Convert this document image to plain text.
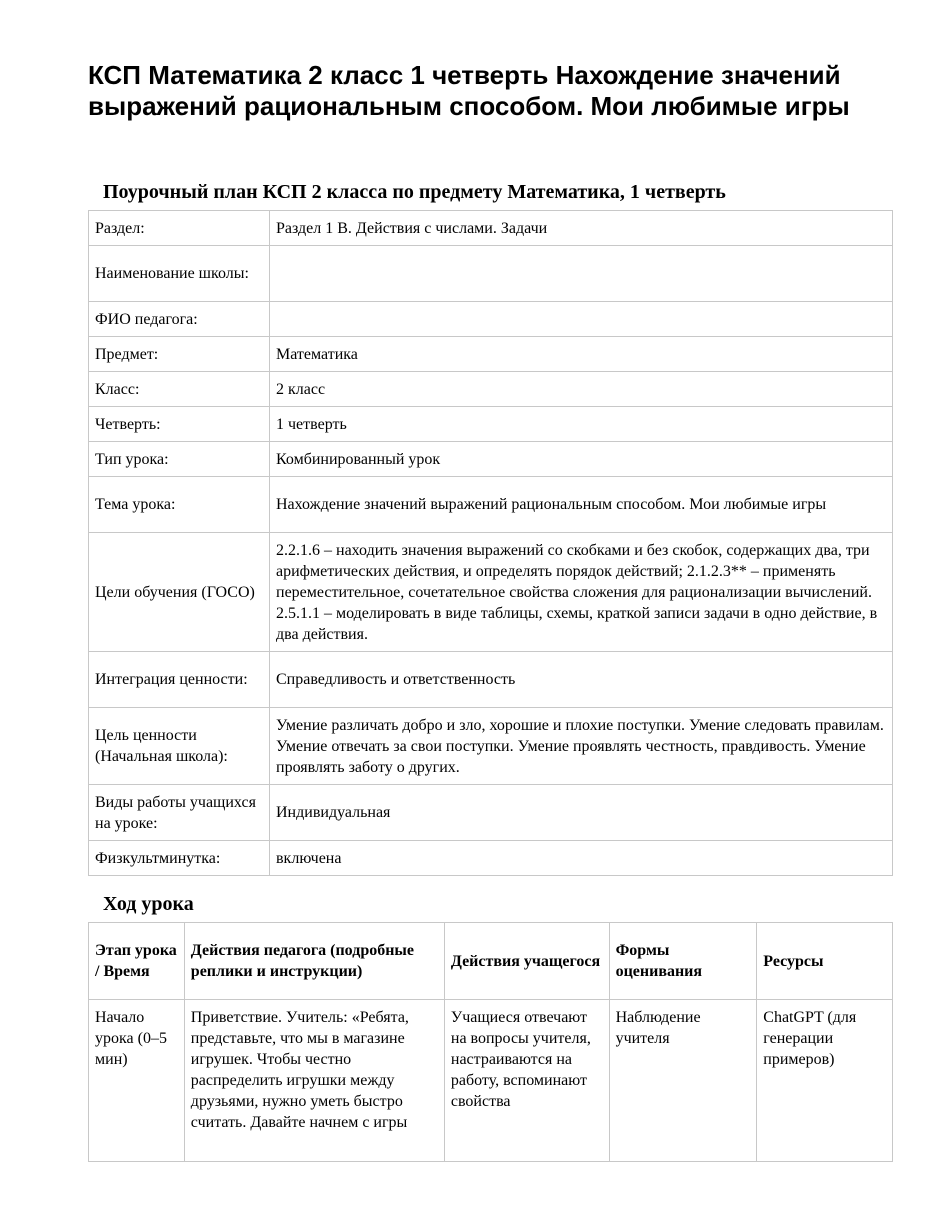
КСП Математика 2 класс 1 четверть Нахождение значений выражений рациональным способом. Мои любимые игры
Поурочный план КСП 2 класса по предмету Математика, 1 четверть
Раздел:	Раздел 1 B. Действия с числами. Задачи
Наименование школы:	
ФИО педагога:	
Предмет:	Математика
Класс:	2 класс
Четверть:	1 четверть
Тип урока:	Комбинированный урок
Тема урока:	Нахождение значений выражений рациональным способом. Мои любимые игры
Цели обучения (ГОСО)	2.2.1.6 – находить значения выражений со скобками и без скобок, содержащих два, три арифметических действия, и определять порядок действий; 2.1.2.3** – применять переместительное, сочетательное свойства сложения для рационализации вычислений. 2.5.1.1 – моделировать в виде таблицы, схемы, краткой записи задачи в одно действие, в два действия.
Интеграция ценности:	Справедливость и ответственность
Цель ценности (Начальная школа):	Умение различать добро и зло, хорошие и плохие поступки. Умение следовать правилам. Умение отвечать за свои поступки. Умение проявлять честность, правдивость. Умение проявлять заботу о других.
Виды работы учащихся на уроке:	Индивидуальная
Физкультминутка:	включена
Ход урока
Этап урока / Время	Действия педагога (подробные реплики и инструкции)	Действия учащегося	Формы оценивания	Ресурсы
Начало урока (0–5 мин)	Приветствие. Учитель: «Ребята, представьте, что мы в магазине игрушек. Чтобы честно распределить игрушки между друзьями, нужно уметь быстро считать. Давайте начнем с игры	Учащиеся отвечают на вопросы учителя, настраиваются на работу, вспоминают свойства	Наблюдение учителя	ChatGPT (для генерации примеров)
